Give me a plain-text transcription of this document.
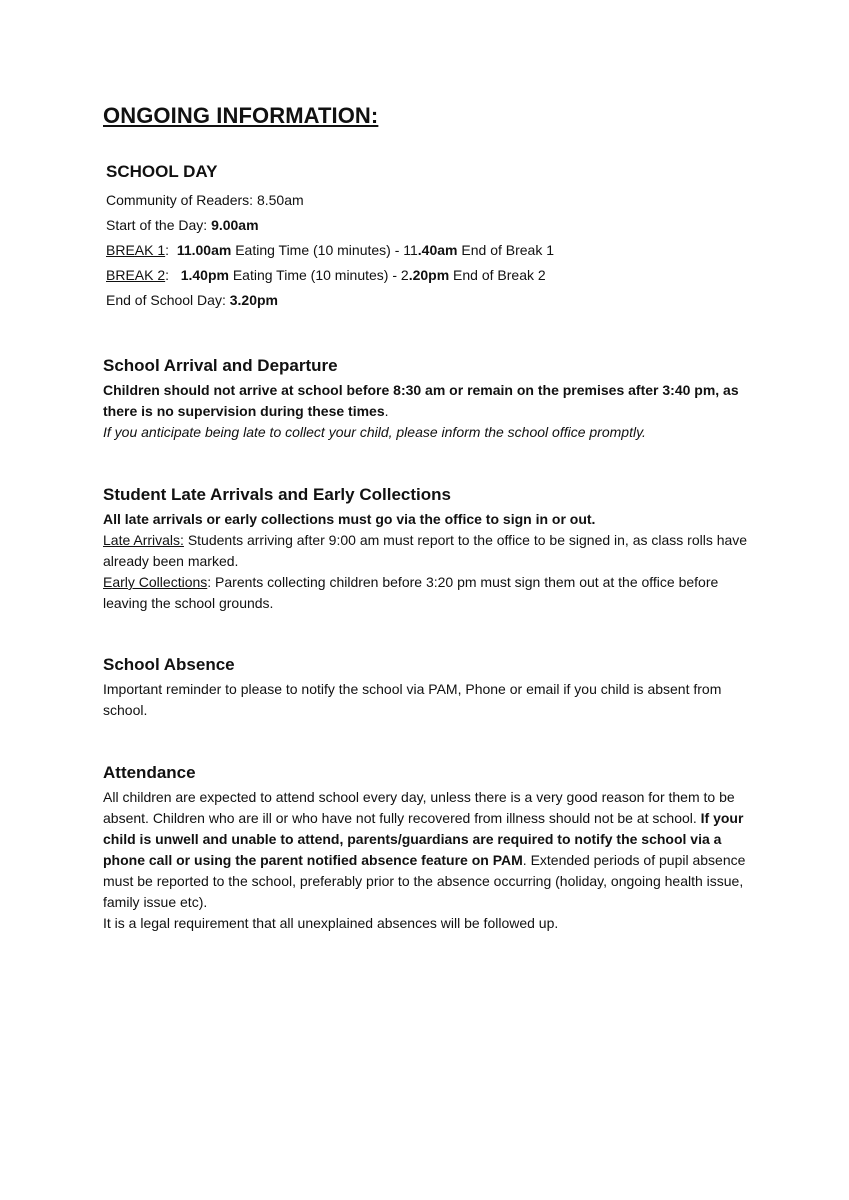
ONGOING INFORMATION:
SCHOOL DAY
Community of Readers: 8.50am
Start of the Day: 9.00am
BREAK 1:  11.00am Eating Time (10 minutes) - 11.40am End of Break 1
BREAK 2:   1.40pm Eating Time (10 minutes) - 2.20pm End of Break 2
End of School Day: 3.20pm
School Arrival and Departure

Children should not arrive at school before 8:30 am or remain on the premises after 3:40 pm, as there is no supervision during these times.

If you anticipate being late to collect your child, please inform the school office promptly.

Student Late Arrivals and Early Collections

All late arrivals or early collections must go via the office to sign in or out.

Late Arrivals: Students arriving after 9:00 am must report to the office to be signed in, as class rolls have already been marked.

Early Collections: Parents collecting children before 3:20 pm must sign them out at the office before leaving the school grounds.

School Absence

Important reminder to please to notify the school via PAM, Phone or email if you child is absent from school.

Attendance

All children are expected to attend school every day, unless there is a very good reason for them to be absent. Children who are ill or who have not fully recovered from illness should not be at school. If your child is unwell and unable to attend, parents/guardians are required to notify the school via a phone call or using the parent notified absence feature on PAM. Extended periods of pupil absence must be reported to the school, preferably prior to the absence occurring (holiday, ongoing health issue, family issue etc).

It is a legal requirement that all unexplained absences will be followed up.
